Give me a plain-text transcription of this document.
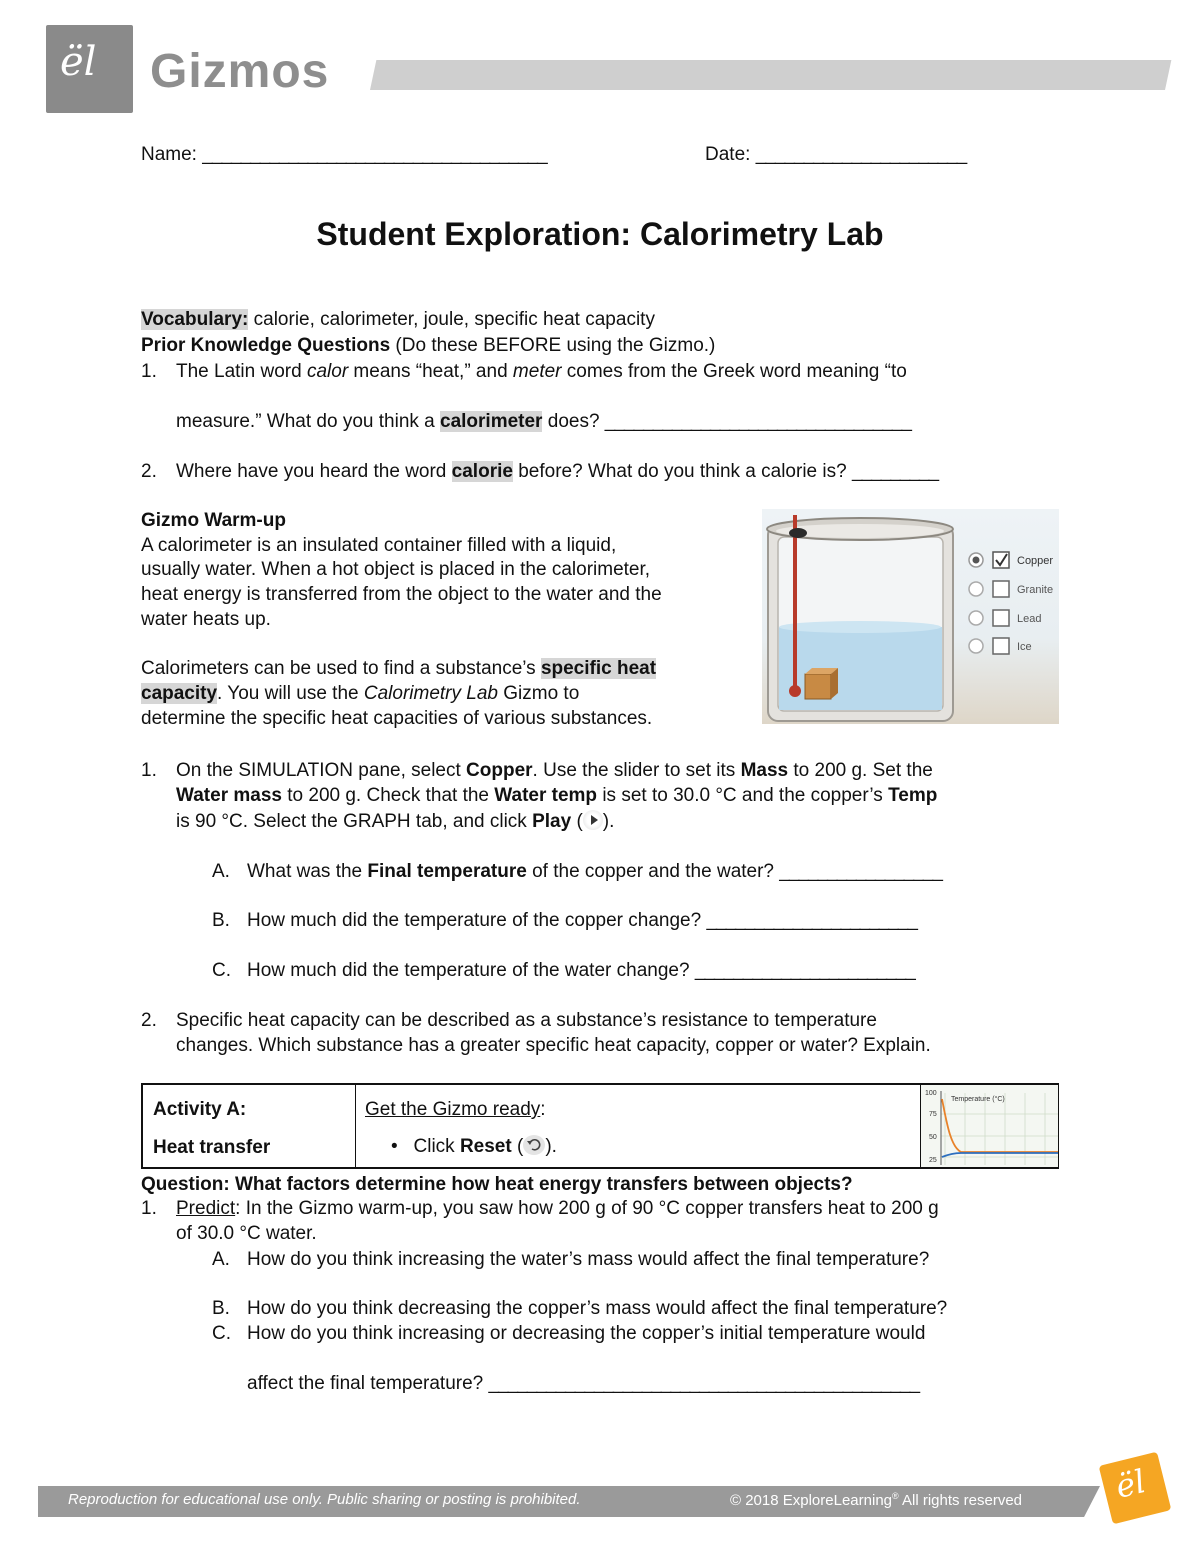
ël Gizmos
Name: ____________________________________	Date: ______________________
Student Exploration: Calorimetry Lab
Vocabulary: calorie, calorimeter, joule, specific heat capacity
Prior Knowledge Questions (Do these BEFORE using the Gizmo.)
1. The Latin word calor means “heat,” and meter comes from the Greek word meaning “to
measure.” What do you think a calorimeter does? ________________________________
2. Where have you heard the word calorie before? What do you think a calorie is? _________
Gizmo Warm-up
A calorimeter is an insulated container filled with a liquid,
usually water. When a hot object is placed in the calorimeter,
heat energy is transferred from the object to the water and the
water heats up.
Calorimeters can be used to find a substance’s specific heat
capacity. You will use the Calorimetry Lab Gizmo to
determine the specific heat capacities of various substances.
Copper
Granite
Lead
Ice
1. On the SIMULATION pane, select Copper. Use the slider to set its Mass to 200 g. Set the
Water mass to 200 g. Check that the Water temp is set to 30.0 °C and the copper’s Temp
is 90 °C. Select the GRAPH tab, and click Play ( ).
A. What was the Final temperature of the copper and the water? _________________
B. How much did the temperature of the copper change? ______________________
C. How much did the temperature of the water change? _______________________
2. Specific heat capacity can be described as a substance’s resistance to temperature
changes. Which substance has a greater specific heat capacity, copper or water? Explain.
Activity A:
Heat transfer
Get the Gizmo ready:
• Click Reset ( ).
Temperature (°C)
100
75
50
25
Question: What factors determine how heat energy transfers between objects?
1. Predict: In the Gizmo warm-up, you saw how 200 g of 90 °C copper transfers heat to 200 g
of 30.0 °C water.
A. How do you think increasing the water’s mass would affect the final temperature?
B. How do you think decreasing the copper’s mass would affect the final temperature?
C. How do you think increasing or decreasing the copper’s initial temperature would
affect the final temperature? _____________________________________________
Reproduction for educational use only. Public sharing or posting is prohibited.	© 2018 ExploreLearning® All rights reserved	ël
